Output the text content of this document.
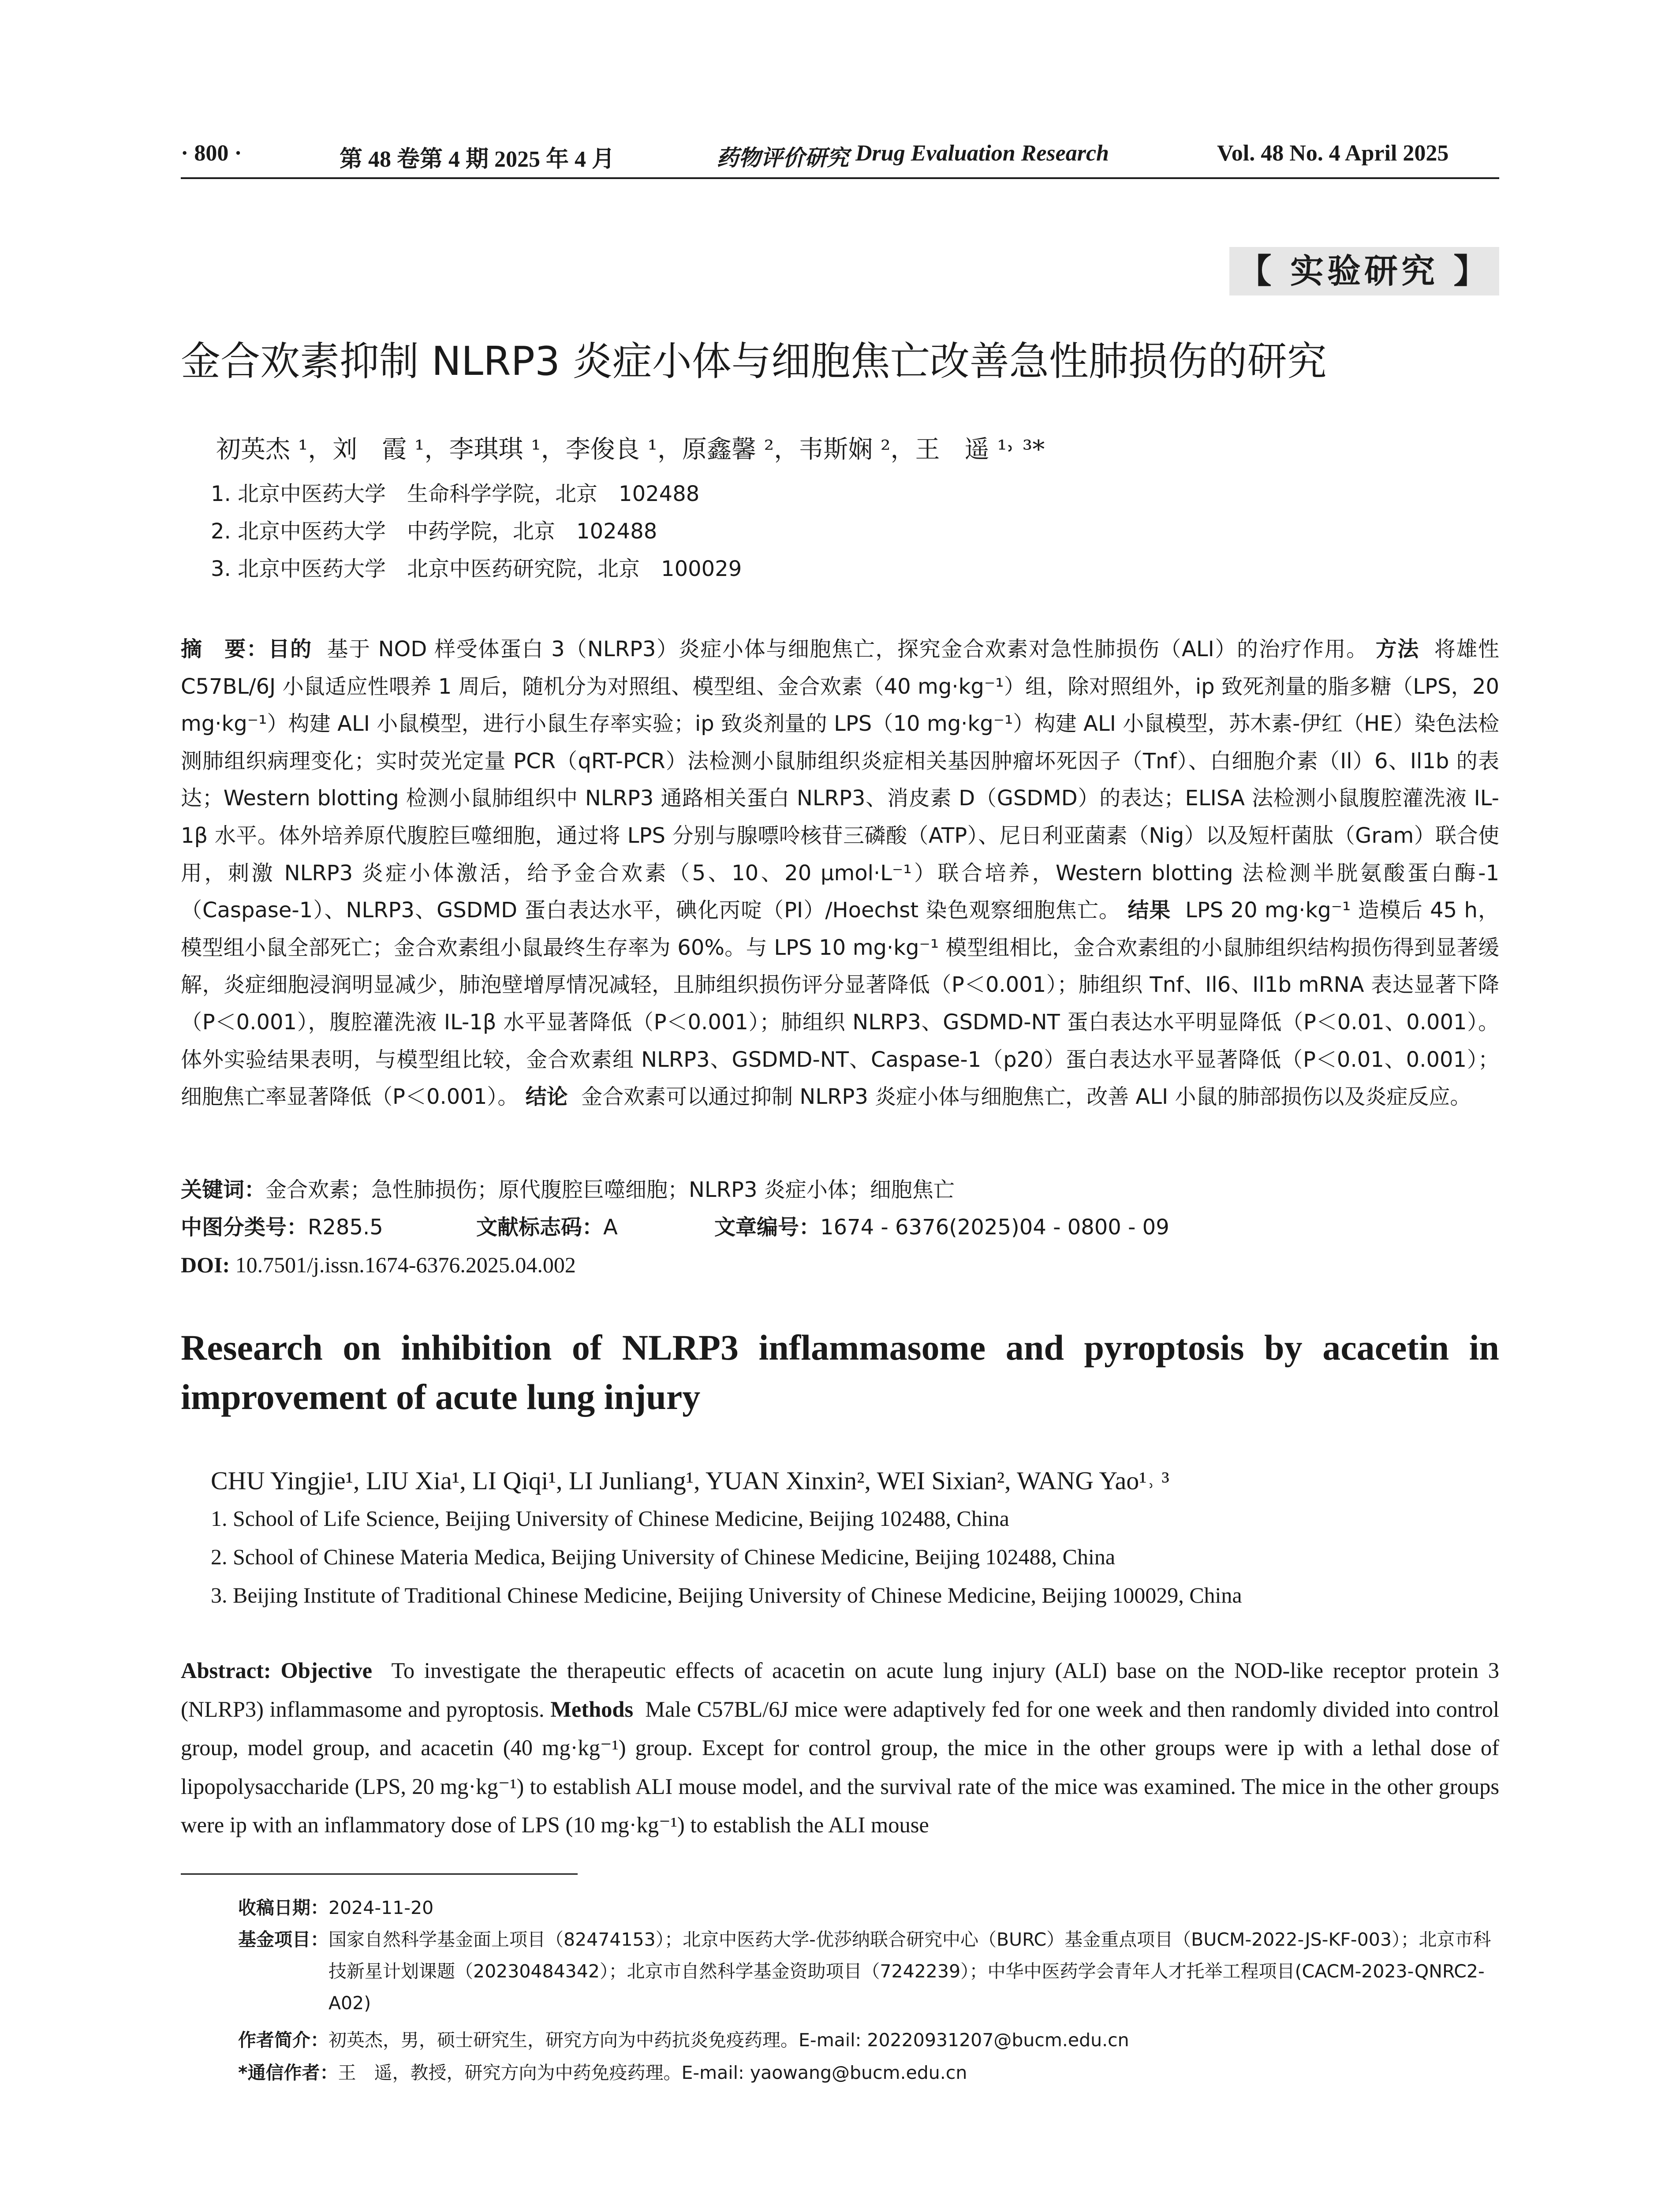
· 800 ·	第 48 卷第 4 期 2025 年 4 月	药物评价研究 Drug Evaluation Research	Vol. 48 No. 4 April 2025
【 实验研究 】
金合欢素抑制 NLRP3 炎症小体与细胞焦亡改善急性肺损伤的研究
初英杰 ¹，刘　霞 ¹，李琪琪 ¹，李俊良 ¹，原鑫馨 ²，韦斯娴 ²，王　遥 ¹˒ ³*
1. 北京中医药大学　生命科学学院，北京　102488
2. 北京中医药大学　中药学院，北京　102488
3. 北京中医药大学　北京中医药研究院，北京　100029

摘　要：目的 基于 NOD 样受体蛋白 3（NLRP3）炎症小体与细胞焦亡，探究金合欢素对急性肺损伤（ALI）的治疗作用。 方法 将雄性 C57BL/6J 小鼠适应性喂养 1 周后，随机分为对照组、模型组、金合欢素（40 mg·kg⁻¹）组，除对照组外，ip 致死剂量的脂多糖（LPS，20 mg·kg⁻¹）构建 ALI 小鼠模型，进行小鼠生存率实验；ip 致炎剂量的 LPS（10 mg·kg⁻¹）构建 ALI 小鼠模型，苏木素-伊红（HE）染色法检测肺组织病理变化；实时荧光定量 PCR（qRT-PCR）法检测小鼠肺组织炎症相关基因肿瘤坏死因子（Tnf）、白细胞介素（Il）6、Il1b 的表达；Western blotting 检测小鼠肺组织中 NLRP3 通路相关蛋白 NLRP3、消皮素 D（GSDMD）的表达；ELISA 法检测小鼠腹腔灌洗液 IL-1β 水平。体外培养原代腹腔巨噬细胞，通过将 LPS 分别与腺嘌呤核苷三磷酸（ATP）、尼日利亚菌素（Nig）以及短杆菌肽（Gram）联合使用，刺激 NLRP3 炎症小体激活，给予金合欢素（5、10、20 μmol·L⁻¹）联合培养，Western blotting 法检测半胱氨酸蛋白酶-1（Caspase-1）、NLRP3、GSDMD 蛋白表达水平，碘化丙啶（PI）/Hoechst 染色观察细胞焦亡。 结果 LPS 20 mg·kg⁻¹ 造模后 45 h，模型组小鼠全部死亡；金合欢素组小鼠最终生存率为 60%。与 LPS 10 mg·kg⁻¹ 模型组相比，金合欢素组的小鼠肺组织结构损伤得到显著缓解，炎症细胞浸润明显减少，肺泡壁增厚情况减轻，且肺组织损伤评分显著降低（P＜0.001）；肺组织 Tnf、Il6、Il1b mRNA 表达显著下降（P＜0.001），腹腔灌洗液 IL-1β 水平显著降低（P＜0.001）；肺组织 NLRP3、GSDMD-NT 蛋白表达水平明显降低（P＜0.01、0.001）。体外实验结果表明，与模型组比较，金合欢素组 NLRP3、GSDMD-NT、Caspase-1（p20）蛋白表达水平显著降低（P＜0.01、0.001）；细胞焦亡率显著降低（P＜0.001）。 结论 金合欢素可以通过抑制 NLRP3 炎症小体与细胞焦亡，改善 ALI 小鼠的肺部损伤以及炎症反应。

关键词：金合欢素；急性肺损伤；原代腹腔巨噬细胞；NLRP3 炎症小体；细胞焦亡
中图分类号：R285.5	文献标志码：A	文章编号：1674 - 6376(2025)04 - 0800 - 09
DOI: 10.7501/j.issn.1674-6376.2025.04.002
Research on inhibition of NLRP3 inflammasome and pyroptosis by acacetin in improvement of acute lung injury
CHU Yingjie¹, LIU Xia¹, LI Qiqi¹, LI Junliang¹, YUAN Xinxin², WEI Sixian², WANG Yao¹˒ ³
1. School of Life Science, Beijing University of Chinese Medicine, Beijing 102488, China
2. School of Chinese Materia Medica, Beijing University of Chinese Medicine, Beijing 102488, China
3. Beijing Institute of Traditional Chinese Medicine, Beijing University of Chinese Medicine, Beijing 100029, China

Abstract: Objective To investigate the therapeutic effects of acacetin on acute lung injury (ALI) base on the NOD-like receptor protein 3 (NLRP3) inflammasome and pyroptosis. Methods Male C57BL/6J mice were adaptively fed for one week and then randomly divided into control group, model group, and acacetin (40 mg·kg⁻¹) group. Except for control group, the mice in the other groups were ip with a lethal dose of lipopolysaccharide (LPS, 20 mg·kg⁻¹) to establish ALI mouse model, and the survival rate of the mice was examined. The mice in the other groups were ip with an inflammatory dose of LPS (10 mg·kg⁻¹) to establish the ALI mouse

收稿日期：2024-11-20
基金项目： 国家自然科学基金面上项目（82474153）；北京中医药大学-优莎纳联合研究中心（BURC）基金重点项目（BUCM-2022-JS-KF-003）；北京市科技新星计划课题（20230484342）；北京市自然科学基金资助项目（7242239）；中华中医药学会青年人才托举工程项目(CACM-2023-QNRC2-A02)
作者简介：初英杰，男，硕士研究生，研究方向为中药抗炎免疫药理。E-mail: 20220931207@bucm.edu.cn
*通信作者：王　遥，教授，研究方向为中药免疫药理。E-mail: yaowang@bucm.edu.cn
